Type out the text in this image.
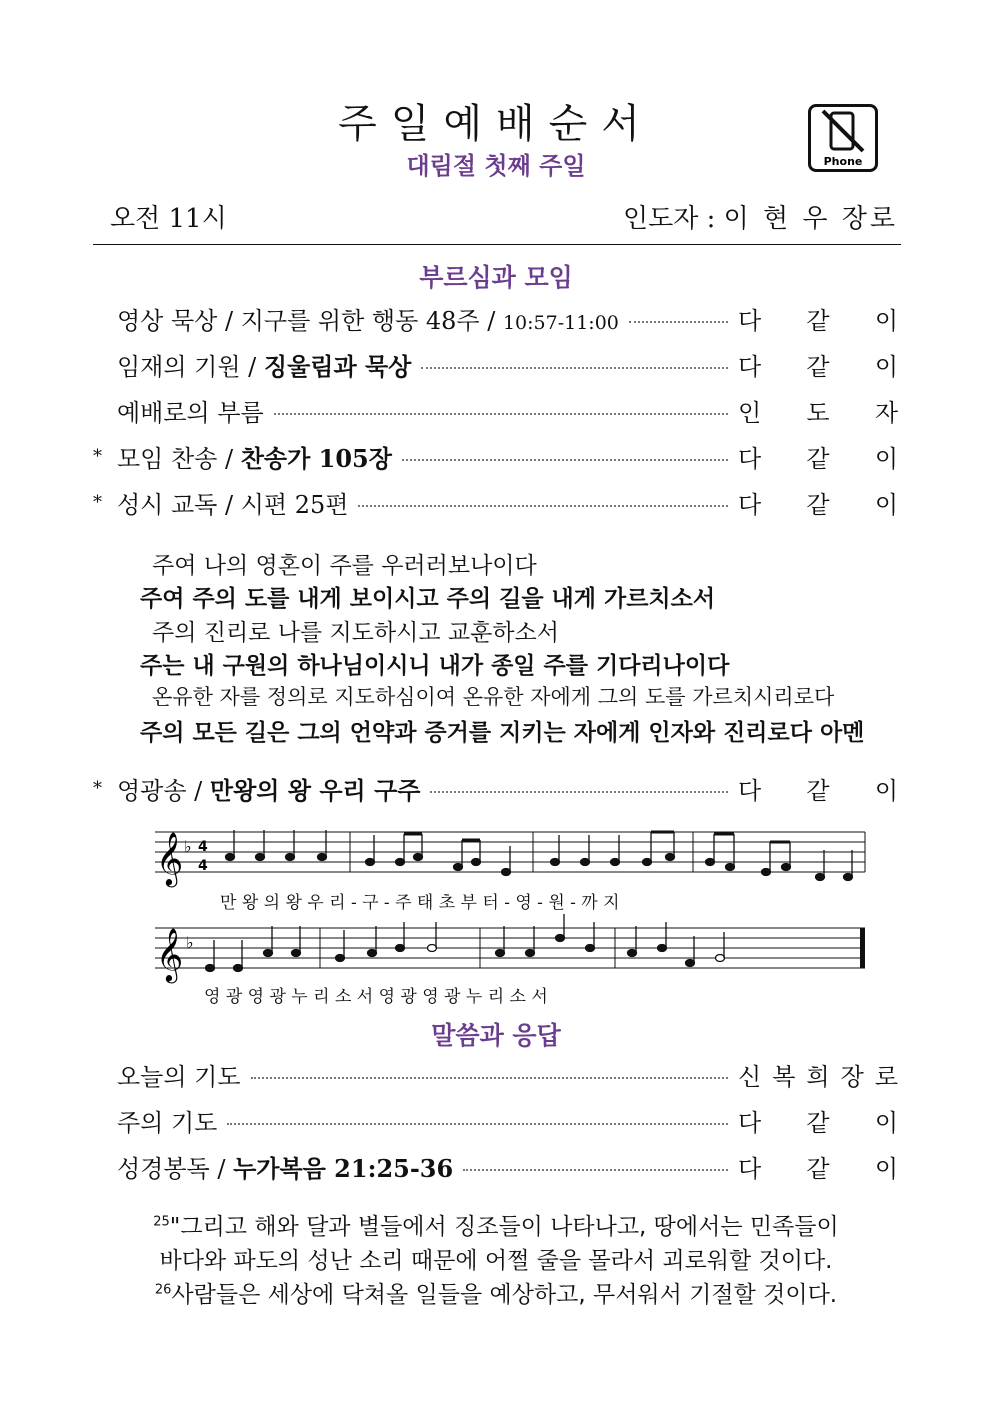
주일예배순서
대림절 첫째 주일	Phone
오전 11시	인도자 : 이 현 우 장로
부르심과 모임
영상 묵상 / 지구를 위한 행동 48주 / 10:57-11:00	다 같 이
임재의 기원 / 징울림과 묵상	다 같 이
예배로의 부름	인 도 자
* 모임 찬송 / 찬송가 105장	다 같 이
* 성시 교독 / 시편 25편	다 같 이
주여 나의 영혼이 주를 우러러보나이다
주여 주의 도를 내게 보이시고 주의 길을 내게 가르치소서
주의 진리로 나를 지도하시고 교훈하소서
주는 내 구원의 하나님이시니 내가 종일 주를 기다리나이다
온유한 자를 정의로 지도하심이여 온유한 자에게 그의 도를 가르치시리로다
주의 모든 길은 그의 언약과 증거를 지키는 자에게 인자와 진리로다 아멘
* 영광송 / 만왕의 왕 우리 구주	다 같 이
𝄞
𝄞
♭
♭
4
4
만 왕 의 왕 우 리 - 구 - 주 태 초 부 터 - 영 - 원 - 까 지
영 광 영 광 누 리 소 서 영 광 영 광 누 리 소 서
말씀과 응답
오늘의 기도	신 복 희 장 로
주의 기도	다 같 이
성경봉독 / 누가복음 21:25-36	다 같 이
$^{25}$"그리고 해와 달과 별들에서 징조들이 나타나고, 땅에서는 민족들이
바다와 파도의 성난 소리 때문에 어쩔 줄을 몰라서 괴로워할 것이다.
$^{26}$사람들은 세상에 닥쳐올 일들을 예상하고, 무서워서 기절할 것이다.
